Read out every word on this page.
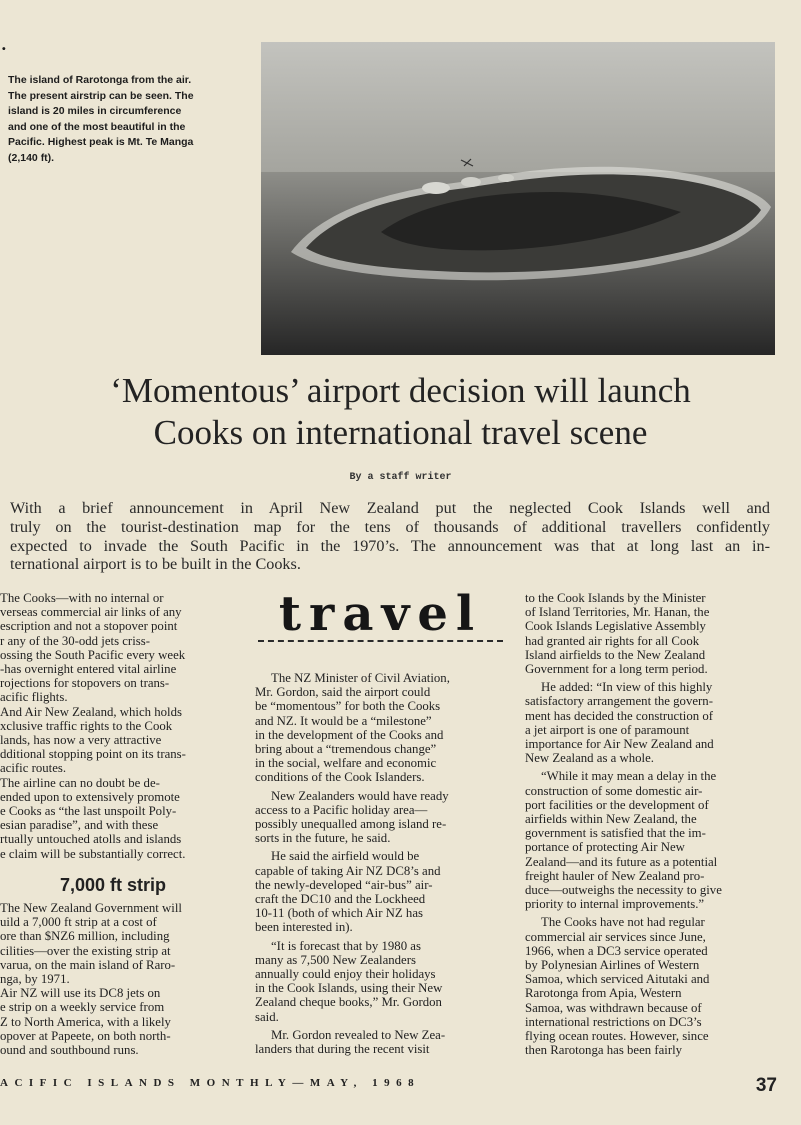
•

The island of Rarotonga from the air.
The present airstrip can be seen. The
island is 20 miles in circumference
and one of the most beautiful in the
Pacific. Highest peak is Mt. Te Manga
(2,140 ft).

‘Momentous’ airport decision will launch
Cooks on international travel scene
By a staff writer
With a brief announcement in April New Zealand put the neglected Cook Islands well and
truly on the tourist-destination map for the tens of thousands of additional travellers confidently
expected to invade the South Pacific in the 1970’s. The announcement was that at long last an in-
ternational airport is to be built in the Cooks.
The Cooks—with no internal or
verseas commercial air links of any
escription and not a stopover point
r any of the 30-odd jets criss-
ossing the South Pacific every week
-has overnight entered vital airline
rojections for stopovers on trans-
acific flights.
And Air New Zealand, which holds
xclusive traffic rights to the Cook
lands, has now a very attractive
dditional stopping point on its trans-
acific routes.
The airline can no doubt be de-
ended upon to extensively promote
e Cooks as “the last unspoilt Poly-
esian paradise”, and with these
rtually untouched atolls and islands
e claim will be substantially correct.
7,000 ft strip
The New Zealand Government will
uild a 7,000 ft strip at a cost of
ore than $NZ6 million, including
cilities—over the existing strip at
varua, on the main island of Raro-
nga, by 1971.
Air NZ will use its DC8 jets on
e strip on a weekly service from
Z to North America, with a likely
opover at Papeete, on both north-
ound and southbound runs.
travel
The NZ Minister of Civil Aviation,
Mr. Gordon, said the airport could
be “momentous” for both the Cooks
and NZ. It would be a “milestone”
in the development of the Cooks and
bring about a “tremendous change”
in the social, welfare and economic
conditions of the Cook Islanders.
New Zealanders would have ready
access to a Pacific holiday area—
possibly unequalled among island re-
sorts in the future, he said.
He said the airfield would be
capable of taking Air NZ DC8’s and
the newly-developed “air-bus” air-
craft the DC10 and the Lockheed
10-11 (both of which Air NZ has
been interested in).
“It is forecast that by 1980 as
many as 7,500 New Zealanders
annually could enjoy their holidays
in the Cook Islands, using their New
Zealand cheque books,” Mr. Gordon
said.
Mr. Gordon revealed to New Zea-
landers that during the recent visit
to the Cook Islands by the Minister
of Island Territories, Mr. Hanan, the
Cook Islands Legislative Assembly
had granted air rights for all Cook
Island airfields to the New Zealand
Government for a long term period.
He added: “In view of this highly
satisfactory arrangement the govern-
ment has decided the construction of
a jet airport is one of paramount
importance for Air New Zealand and
New Zealand as a whole.
“While it may mean a delay in the
construction of some domestic air-
port facilities or the development of
airfields within New Zealand, the
government is satisfied that the im-
portance of protecting Air New
Zealand—and its future as a potential
freight hauler of New Zealand pro-
duce—outweighs the necessity to give
priority to internal improvements.”
The Cooks have not had regular
commercial air services since June,
1966, when a DC3 service operated
by Polynesian Airlines of Western
Samoa, which serviced Aitutaki and
Rarotonga from Apia, Western
Samoa, was withdrawn because of
international restrictions on DC3’s
flying ocean routes. However, since
then Rarotonga has been fairly
ACIFIC ISLANDS MONTHLY—MAY, 1968	37
